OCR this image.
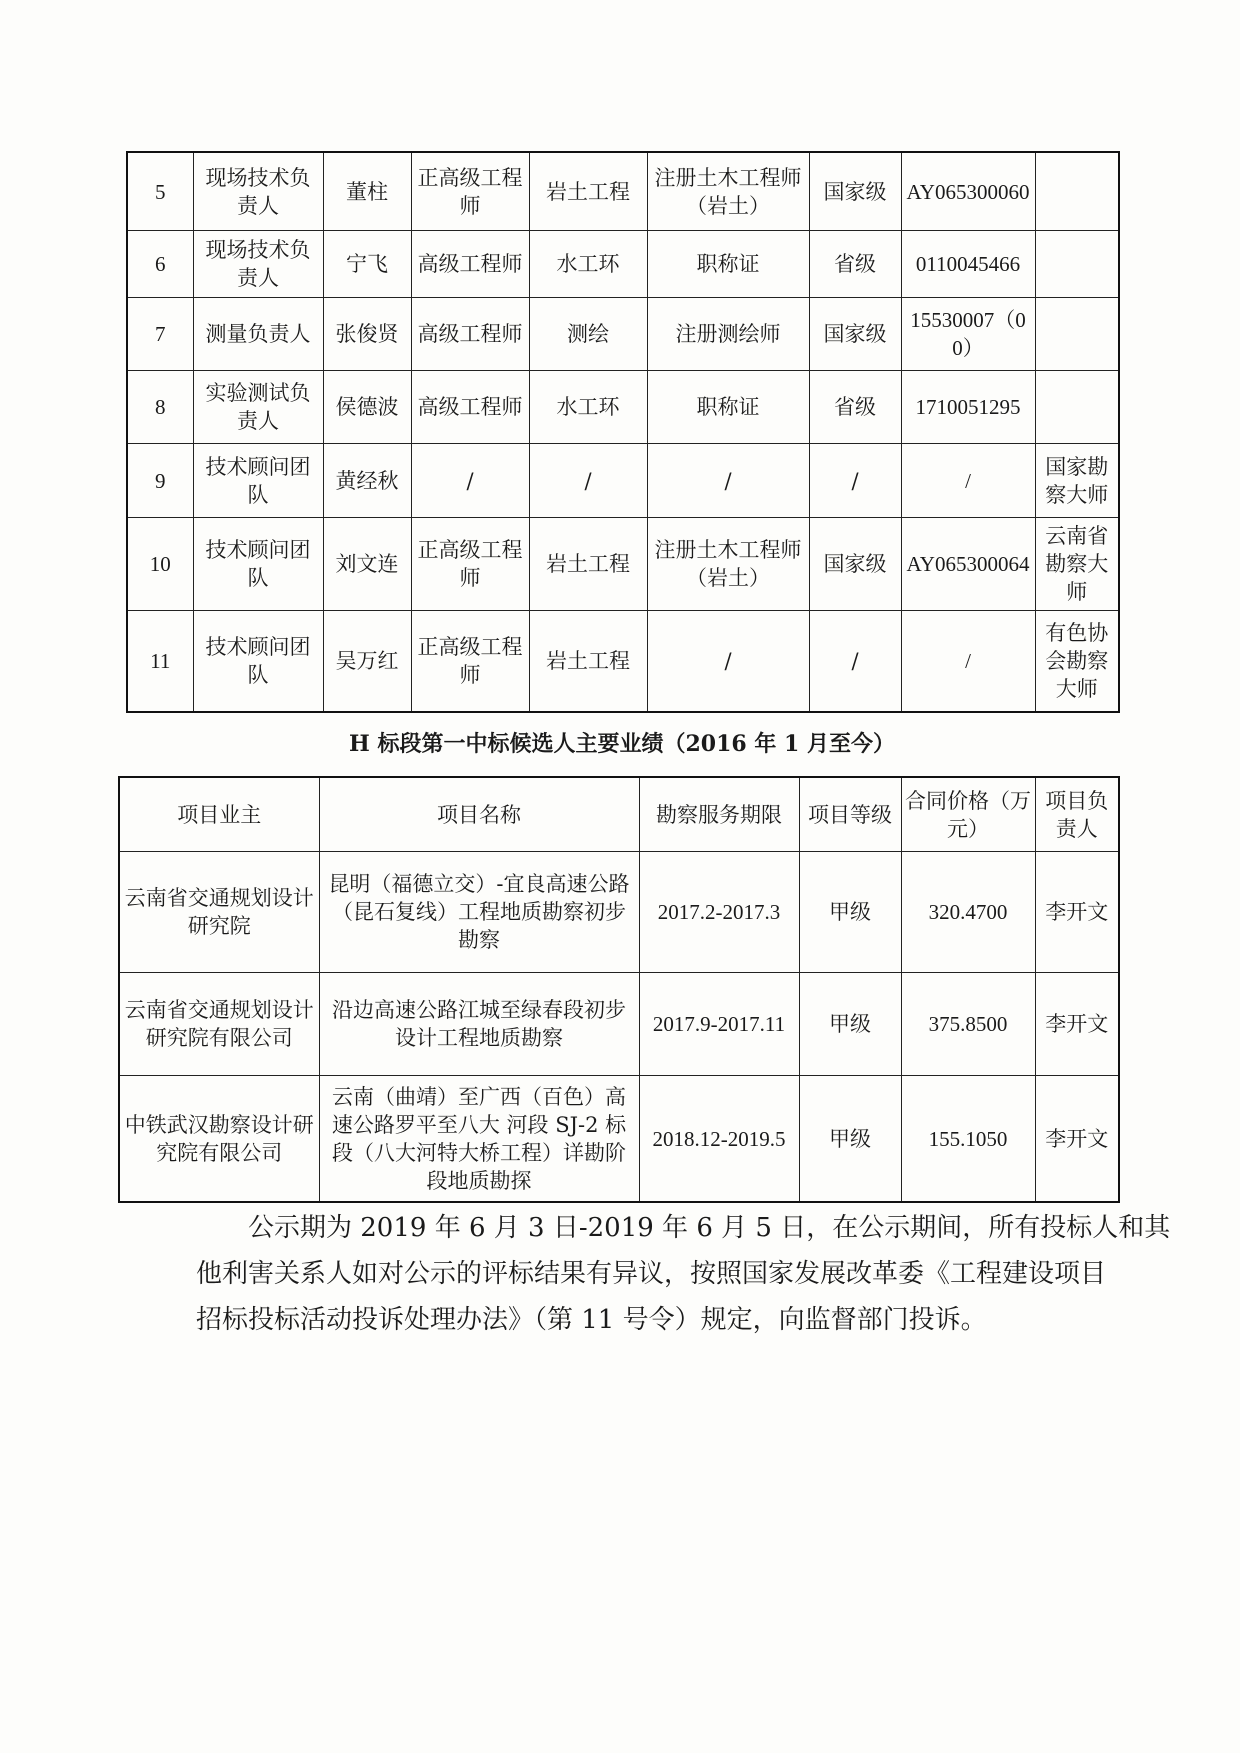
5	现场技术负责人	董柱	正高级工程师	岩土工程	注册土木工程师（岩土）	国家级	AY065300060	
6	现场技术负责人	宁飞	高级工程师	水工环	职称证	省级	0110045466	
7	测量负责人	张俊贤	高级工程师	测绘	注册测绘师	国家级	15530007（00）	
8	实验测试负责人	侯德波	高级工程师	水工环	职称证	省级	1710051295	
9	技术顾问团队	黄经秋	/	/	/	/	/	国家勘察大师
10	技术顾问团队	刘文连	正高级工程师	岩土工程	注册土木工程师（岩土）	国家级	AY065300064	云南省勘察大师
11	技术顾问团队	吴万红	正高级工程师	岩土工程	/	/	/	有色协会勘察大师
H 标段第一中标候选人主要业绩（2016 年 1 月至今）
项目业主	项目名称	勘察服务期限	项目等级	合同价格（万元）	项目负责人
云南省交通规划设计研究院	昆明（福德立交）-宜良高速公路（昆石复线）工程地质勘察初步勘察	2017.2-2017.3	甲级	320.4700	李开文
云南省交通规划设计研究院有限公司	沿边高速公路江城至绿春段初步设计工程地质勘察	2017.9-2017.11	甲级	375.8500	李开文
中铁武汉勘察设计研究院有限公司	云南（曲靖）至广西（百色）高速公路罗平至八大 河段 SJ-2 标段（八大河特大桥工程）详勘阶段地质勘探	2018.12-2019.5	甲级	155.1050	李开文
公示期为 2019 年 6 月 3 日-2019 年 6 月 5 日，在公示期间，所有投标人和其
他利害关系人如对公示的评标结果有异议，按照国家发展改革委《工程建设项目
招标投标活动投诉处理办法》（第 11 号令）规定，向监督部门投诉。
